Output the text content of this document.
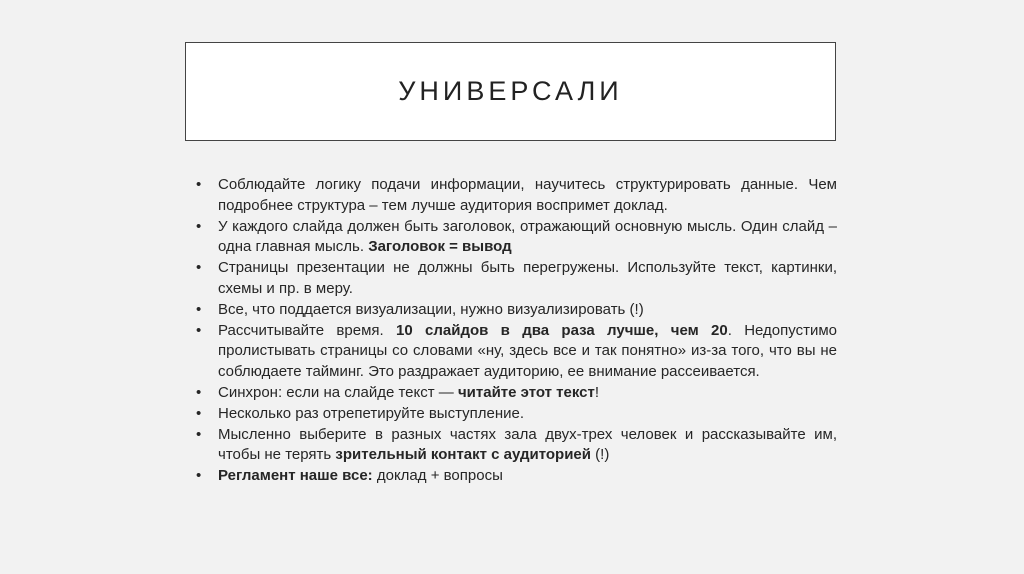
УНИВЕРСАЛИ
• Соблюдайте логику подачи информации, научитесь структурировать данные. Чем подробнее структура – тем лучше аудитория воспримет доклад.
• У каждого слайда должен быть заголовок, отражающий основную мысль. Один слайд – одна главная мысль. Заголовок = вывод
• Страницы презентации не должны быть перегружены. Используйте текст, картинки, схемы и пр. в меру.
• Все, что поддается визуализации, нужно визуализировать (!)
• Рассчитывайте время. 10 слайдов в два раза лучше, чем 20. Недопустимо пролистывать страницы со словами «ну, здесь все и так понятно» из-за того, что вы не соблюдаете тайминг. Это раздражает аудиторию, ее внимание рассеивается.
• Синхрон: если на слайде текст — читайте этот текст!
• Несколько раз отрепетируйте выступление.
• Мысленно выберите в разных частях зала двух-трех человек и рассказывайте им, чтобы не терять зрительный контакт с аудиторией (!)
• Регламент наше все: доклад + вопросы
